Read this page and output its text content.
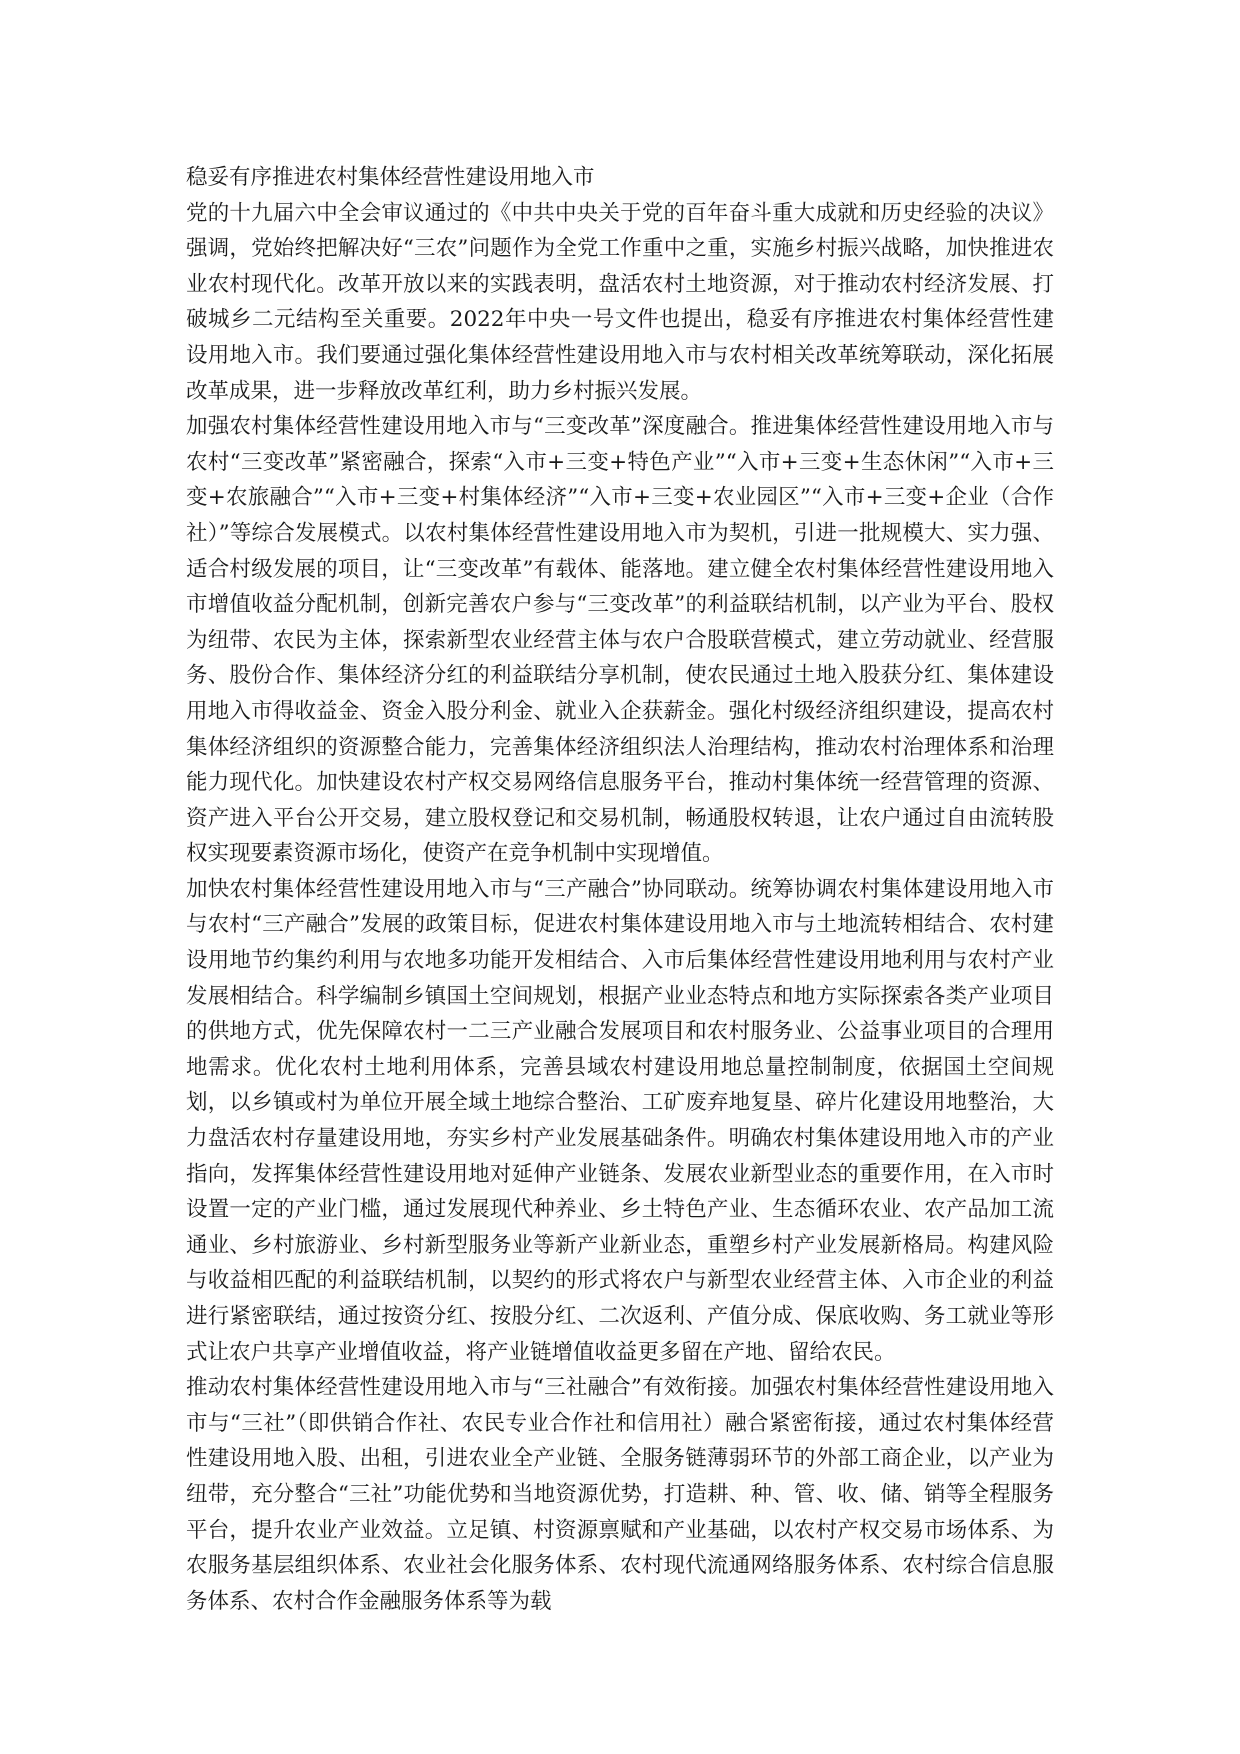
稳妥有序推进农村集体经营性建设用地入市
党的十九届六中全会审议通过的《中共中央关于党的百年奋斗重大成就和历史经验的决议》强调，党始终把解决好“三农”问题作为全党工作重中之重，实施乡村振兴战略，加快推进农业农村现代化。改革开放以来的实践表明，盘活农村土地资源，对于推动农村经济发展、打破城乡二元结构至关重要。2022年中央一号文件也提出，稳妥有序推进农村集体经营性建设用地入市。我们要通过强化集体经营性建设用地入市与农村相关改革统筹联动，深化拓展改革成果，进一步释放改革红利，助力乡村振兴发展。
加强农村集体经营性建设用地入市与“三变改革”深度融合。推进集体经营性建设用地入市与农村“三变改革”紧密融合，探索“入市+三变+特色产业”“入市+三变+生态休闲”“入市+三变+农旅融合”“入市+三变+村集体经济”“入市+三变+农业园区”“入市+三变+企业（合作社）”等综合发展模式。以农村集体经营性建设用地入市为契机，引进一批规模大、实力强、适合村级发展的项目，让“三变改革”有载体、能落地。建立健全农村集体经营性建设用地入市增值收益分配机制，创新完善农户参与“三变改革”的利益联结机制，以产业为平台、股权为纽带、农民为主体，探索新型农业经营主体与农户合股联营模式，建立劳动就业、经营服务、股份合作、集体经济分红的利益联结分享机制，使农民通过土地入股获分红、集体建设用地入市得收益金、资金入股分利金、就业入企获薪金。强化村级经济组织建设，提高农村集体经济组织的资源整合能力，完善集体经济组织法人治理结构，推动农村治理体系和治理能力现代化。加快建设农村产权交易网络信息服务平台，推动村集体统一经营管理的资源、资产进入平台公开交易，建立股权登记和交易机制，畅通股权转退，让农户通过自由流转股权实现要素资源市场化，使资产在竞争机制中实现增值。
加快农村集体经营性建设用地入市与“三产融合”协同联动。统筹协调农村集体建设用地入市与农村“三产融合”发展的政策目标，促进农村集体建设用地入市与土地流转相结合、农村建设用地节约集约利用与农地多功能开发相结合、入市后集体经营性建设用地利用与农村产业发展相结合。科学编制乡镇国土空间规划，根据产业业态特点和地方实际探索各类产业项目的供地方式，优先保障农村一二三产业融合发展项目和农村服务业、公益事业项目的合理用地需求。优化农村土地利用体系，完善县域农村建设用地总量控制制度，依据国土空间规划，以乡镇或村为单位开展全域土地综合整治、工矿废弃地复垦、碎片化建设用地整治，大力盘活农村存量建设用地，夯实乡村产业发展基础条件。明确农村集体建设用地入市的产业指向，发挥集体经营性建设用地对延伸产业链条、发展农业新型业态的重要作用，在入市时设置一定的产业门槛，通过发展现代种养业、乡土特色产业、生态循环农业、农产品加工流通业、乡村旅游业、乡村新型服务业等新产业新业态，重塑乡村产业发展新格局。构建风险与收益相匹配的利益联结机制，以契约的形式将农户与新型农业经营主体、入市企业的利益进行紧密联结，通过按资分红、按股分红、二次返利、产值分成、保底收购、务工就业等形式让农户共享产业增值收益，将产业链增值收益更多留在产地、留给农民。
推动农村集体经营性建设用地入市与“三社融合”有效衔接。加强农村集体经营性建设用地入市与“三社”（即供销合作社、农民专业合作社和信用社）融合紧密衔接，通过农村集体经营性建设用地入股、出租，引进农业全产业链、全服务链薄弱环节的外部工商企业，以产业为纽带，充分整合“三社”功能优势和当地资源优势，打造耕、种、管、收、储、销等全程服务平台，提升农业产业效益。立足镇、村资源禀赋和产业基础，以农村产权交易市场体系、为农服务基层组织体系、农业社会化服务体系、农村现代流通网络服务体系、农村综合信息服务体系、农村合作金融服务体系等为载
